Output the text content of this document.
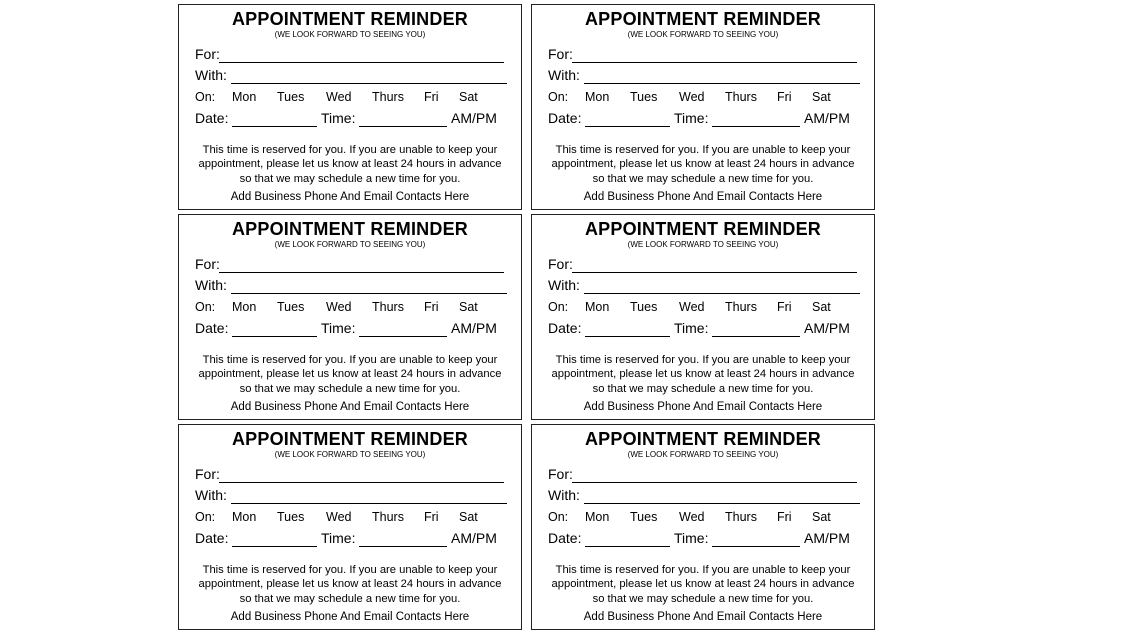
APPOINTMENT REMINDER
(WE LOOK FORWARD TO SEEING YOU)
For:
With:
On: Mon Tues Wed Thurs Fri Sat
Date:	Time:	AM/PM
This time is reserved for you. If you are unable to keep your
appointment, please let us know at least 24 hours in advance
so that we may schedule a new time for you.
Add Business Phone And Email Contacts Here
APPOINTMENT REMINDER
(WE LOOK FORWARD TO SEEING YOU)
For:
With:
On: Mon Tues Wed Thurs Fri Sat
Date:	Time:	AM/PM
This time is reserved for you. If you are unable to keep your
appointment, please let us know at least 24 hours in advance
so that we may schedule a new time for you.
Add Business Phone And Email Contacts Here
APPOINTMENT REMINDER
(WE LOOK FORWARD TO SEEING YOU)
For:
With:
On: Mon Tues Wed Thurs Fri Sat
Date:	Time:	AM/PM
This time is reserved for you. If you are unable to keep your
appointment, please let us know at least 24 hours in advance
so that we may schedule a new time for you.
Add Business Phone And Email Contacts Here
APPOINTMENT REMINDER
(WE LOOK FORWARD TO SEEING YOU)
For:
With:
On: Mon Tues Wed Thurs Fri Sat
Date:	Time:	AM/PM
This time is reserved for you. If you are unable to keep your
appointment, please let us know at least 24 hours in advance
so that we may schedule a new time for you.
Add Business Phone And Email Contacts Here
APPOINTMENT REMINDER
(WE LOOK FORWARD TO SEEING YOU)
For:
With:
On: Mon Tues Wed Thurs Fri Sat
Date:	Time:	AM/PM
This time is reserved for you. If you are unable to keep your
appointment, please let us know at least 24 hours in advance
so that we may schedule a new time for you.
Add Business Phone And Email Contacts Here
APPOINTMENT REMINDER
(WE LOOK FORWARD TO SEEING YOU)
For:
With:
On: Mon Tues Wed Thurs Fri Sat
Date:	Time:	AM/PM
This time is reserved for you. If you are unable to keep your
appointment, please let us know at least 24 hours in advance
so that we may schedule a new time for you.
Add Business Phone And Email Contacts Here
